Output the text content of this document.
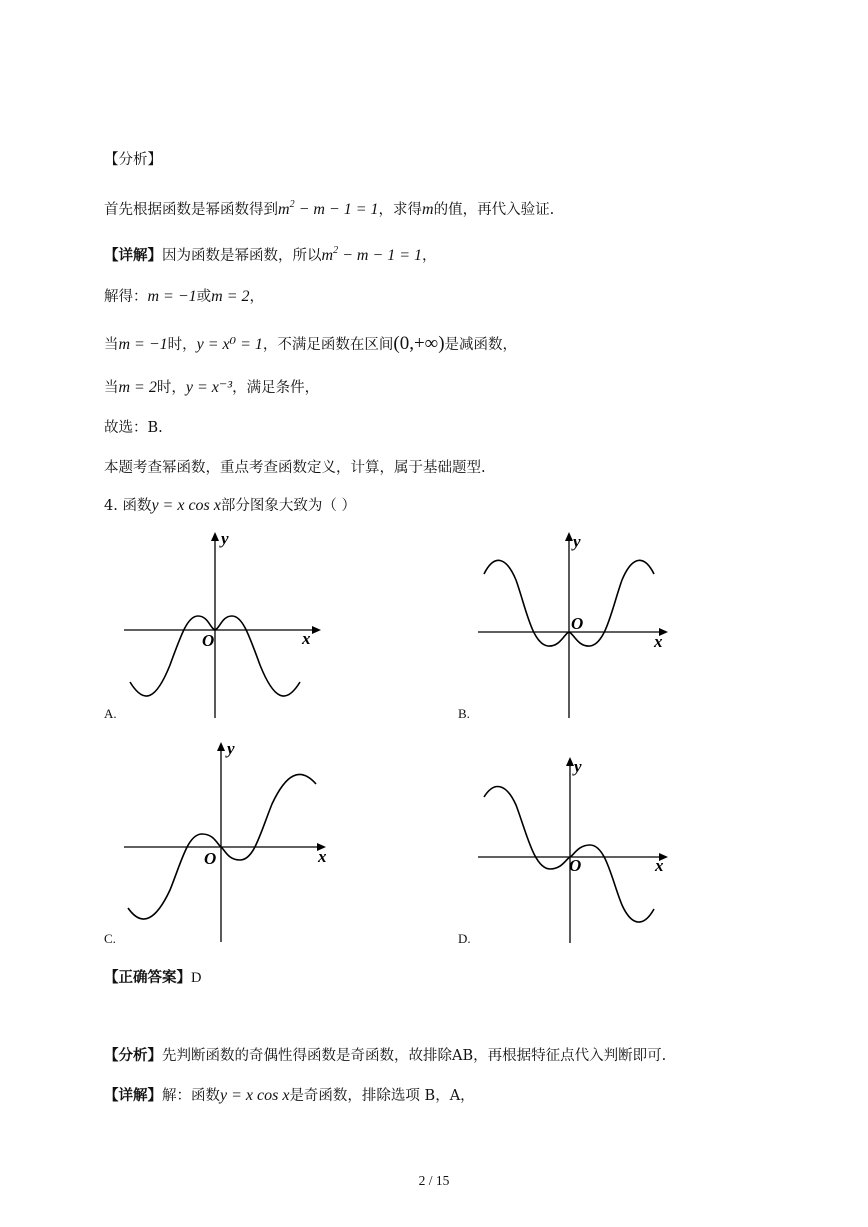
【分析】
首先根据函数是幂函数得到$m^2 - m - 1 = 1$，求得m的值，再代入验证.
【详解】因为函数是幂函数，所以$m^2 - m - 1 = 1$，
解得：m = −1或m = 2，
当m = −1时，y = x⁰ = 1，不满足函数在区间(0,+∞)是减函数，
当m = 2时，y = x⁻³，满足条件，
故选：B.
本题考查幂函数，重点考查函数定义，计算，属于基础题型.
4. 函数y = x cos x部分图象大致为（ ）
O	x
y
A.
O
x
y
B.
O	x
y
C.
O	x
y
D.
【正确答案】D
【分析】先判断函数的奇偶性得函数是奇函数，故排除AB，再根据特征点代入判断即可.
【详解】解：函数y = x cos x是奇函数，排除选项 B，A，
2 / 15
